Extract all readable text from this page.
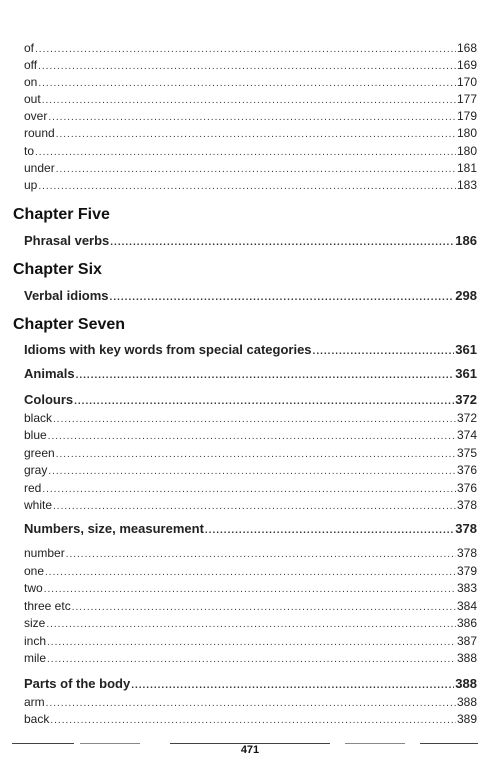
of .....	168
off .....	169
on .....	170
out .....	177
over .....	179
round .....	180
to .....	180
under .....	181
up .....	183
Chapter Five
Phrasal verbs .....	186
Chapter Six
Verbal idioms .....	298
Chapter Seven
Idioms with key words from special categories .....	361
Animals .....	361
Colours .....	372
black .....	372
blue .....	374
green .....	375
gray .....	376
red .....	376
white .....	378
Numbers, size, measurement .....	378
number .....	378
one .....	379
two .....	383
three etc .....	384
size .....	386
inch .....	387
mile .....	388
Parts of the body .....	388
arm .....	388
back .....	389
471
